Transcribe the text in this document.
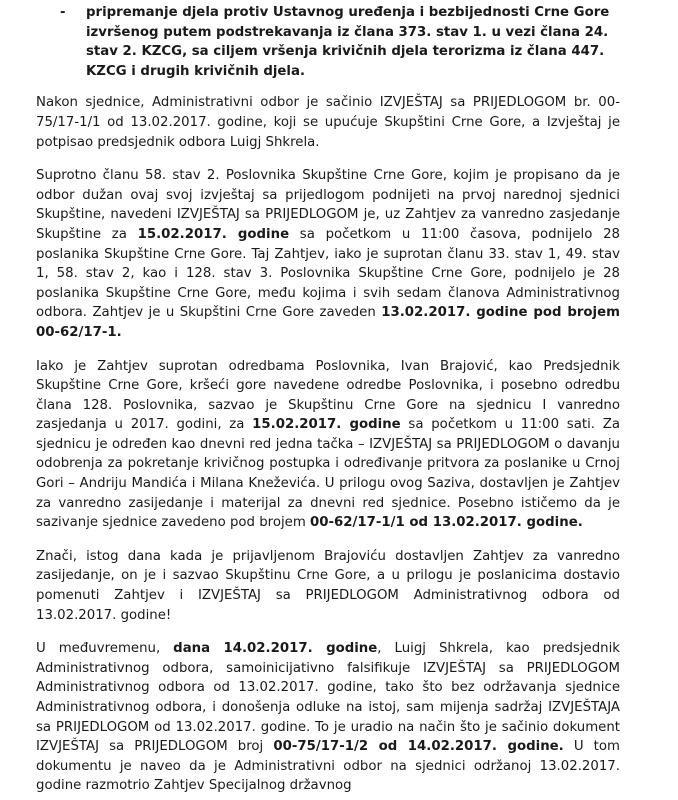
- pripremanje djela protiv Ustavnog uređenja i bezbijednosti Crne Gore izvršenog putem podstrekavanja iz člana 373. stav 1. u vezi člana 24. stav 2. KZCG, sa ciljem vršenja krivičnih djela terorizma iz člana 447. KZCG i drugih krivičnih djela.

Nakon sjednice, Administrativni odbor je sačinio IZVJEŠTAJ sa PRIJEDLOGOM br. 00-75/17-1/1 od 13.02.2017. godine, koji se upućuje Skupštini Crne Gore, a Izvještaj je potpisao predsjednik odbora Luigj Shkrela.

Suprotno članu 58. stav 2. Poslovnika Skupštine Crne Gore, kojim je propisano da je odbor dužan ovaj svoj izvještaj sa prijedlogom podnijeti na prvoj narednoj sjednici Skupštine, navedeni IZVJEŠTAJ sa PRIJEDLOGOM je, uz Zahtjev za vanredno zasjedanje Skupštine za 15.02.2017. godine sa početkom u 11:00 časova, podnijelo 28 poslanika Skupštine Crne Gore. Taj Zahtjev, iako je suprotan članu 33. stav 1, 49. stav 1, 58. stav 2, kao i 128. stav 3. Poslovnika Skupštine Crne Gore, podnijelo je 28 poslanika Skupštine Crne Gore, među kojima i svih sedam članova Administrativnog odbora. Zahtjev je u Skupštini Crne Gore zaveden 13.02.2017. godine pod brojem 00-62/17-1.

Iako je Zahtjev suprotan odredbama Poslovnika, Ivan Brajović, kao Predsjednik Skupštine Crne Gore, kršeći gore navedene odredbe Poslovnika, i posebno odredbu člana 128. Poslovnika, sazvao je Skupštinu Crne Gore na sjednicu I vanredno zasjedanja u 2017. godini, za 15.02.2017. godine sa početkom u 11:00 sati. Za sjednicu je određen kao dnevni red jedna tačka – IZVJEŠTAJ sa PRIJEDLOGOM o davanju odobrenja za pokretanje krivičnog postupka i određivanje pritvora za poslanike u Crnoj Gori – Andriju Mandića i Milana Kneževića. U prilogu ovog Saziva, dostavljen je Zahtjev za vanredno zasijedanje i materijal za dnevni red sjednice. Posebno ističemo da je sazivanje sjednice zavedeno pod brojem 00-62/17-1/1 od 13.02.2017. godine.

Znači, istog dana kada je prijavljenom Brajoviću dostavljen Zahtjev za vanredno zasijedanje, on je i sazvao Skupštinu Crne Gore, a u prilogu je poslanicima dostavio pomenuti Zahtjev i IZVJEŠTAJ sa PRIJEDLOGOM Administrativnog odbora od 13.02.2017. godine!

U međuvremenu, dana 14.02.2017. godine, Luigj Shkrela, kao predsjednik Administrativnog odbora, samoinicijativno falsifikuje IZVJEŠTAJ sa PRIJEDLOGOM Administrativnog odbora od 13.02.2017. godine, tako što bez održavanja sjednice Administrativnog odbora, i donošenja odluke na istoj, sam mijenja sadržaj IZVJEŠTAJA sa PRIJEDLOGOM od 13.02.2017. godine. To je uradio na način što je sačinio dokument IZVJEŠTAJ sa PRIJEDLOGOM broj 00-75/17-1/2 od 14.02.2017. godine. U tom dokumentu je naveo da je Administrativni odbor na sjednici održanoj 13.02.2017. godine razmotrio Zahtjev Specijalnog državnog
